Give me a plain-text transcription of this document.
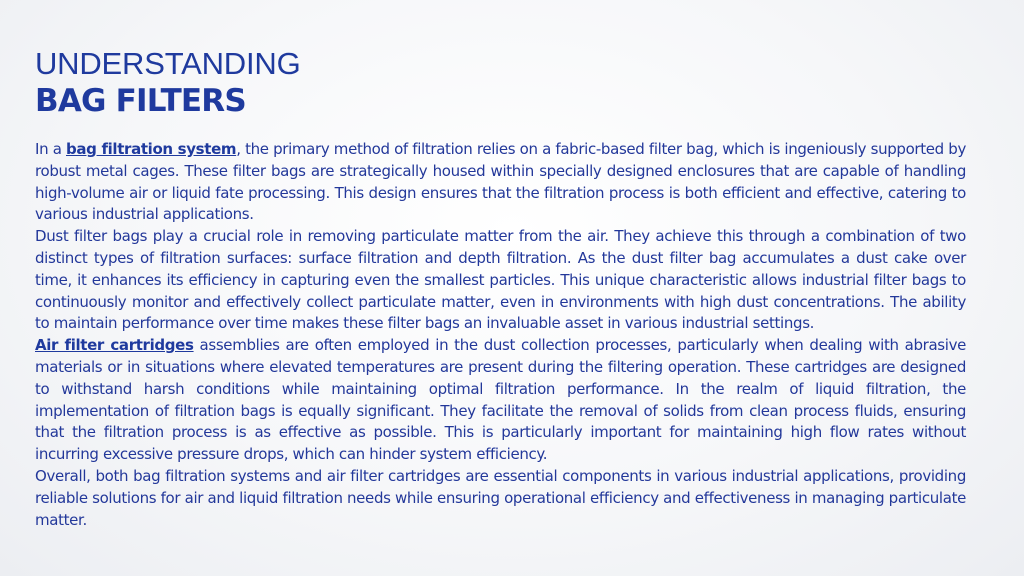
UNDERSTANDING
BAG FILTERS

In a bag filtration system, the primary method of filtration relies on a fabric-based filter bag, which is ingeniously supported by robust metal cages. These filter bags are strategically housed within specially designed enclosures that are capable of handling high-volume air or liquid fate processing. This design ensures that the filtration process is both efficient and effective, catering to various industrial applications.

Dust filter bags play a crucial role in removing particulate matter from the air. They achieve this through a combination of two distinct types of filtration surfaces: surface filtration and depth filtration. As the dust filter bag accumulates a dust cake over time, it enhances its efficiency in capturing even the smallest particles. This unique characteristic allows industrial filter bags to continuously monitor and effectively collect particulate matter, even in environments with high dust concentrations. The ability to maintain performance over time makes these filter bags an invaluable asset in various industrial settings.

Air filter cartridges assemblies are often employed in the dust collection processes, particularly when dealing with abrasive materials or in situations where elevated temperatures are present during the filtering operation. These cartridges are designed to withstand harsh conditions while maintaining optimal filtration performance. In the realm of liquid filtration, the implementation of filtration bags is equally significant. They facilitate the removal of solids from clean process fluids, ensuring that the filtration process is as effective as possible. This is particularly important for maintaining high flow rates without incurring excessive pressure drops, which can hinder system efficiency.

Overall, both bag filtration systems and air filter cartridges are essential components in various industrial applications, providing reliable solutions for air and liquid filtration needs while ensuring operational efficiency and effectiveness in managing particulate matter.
